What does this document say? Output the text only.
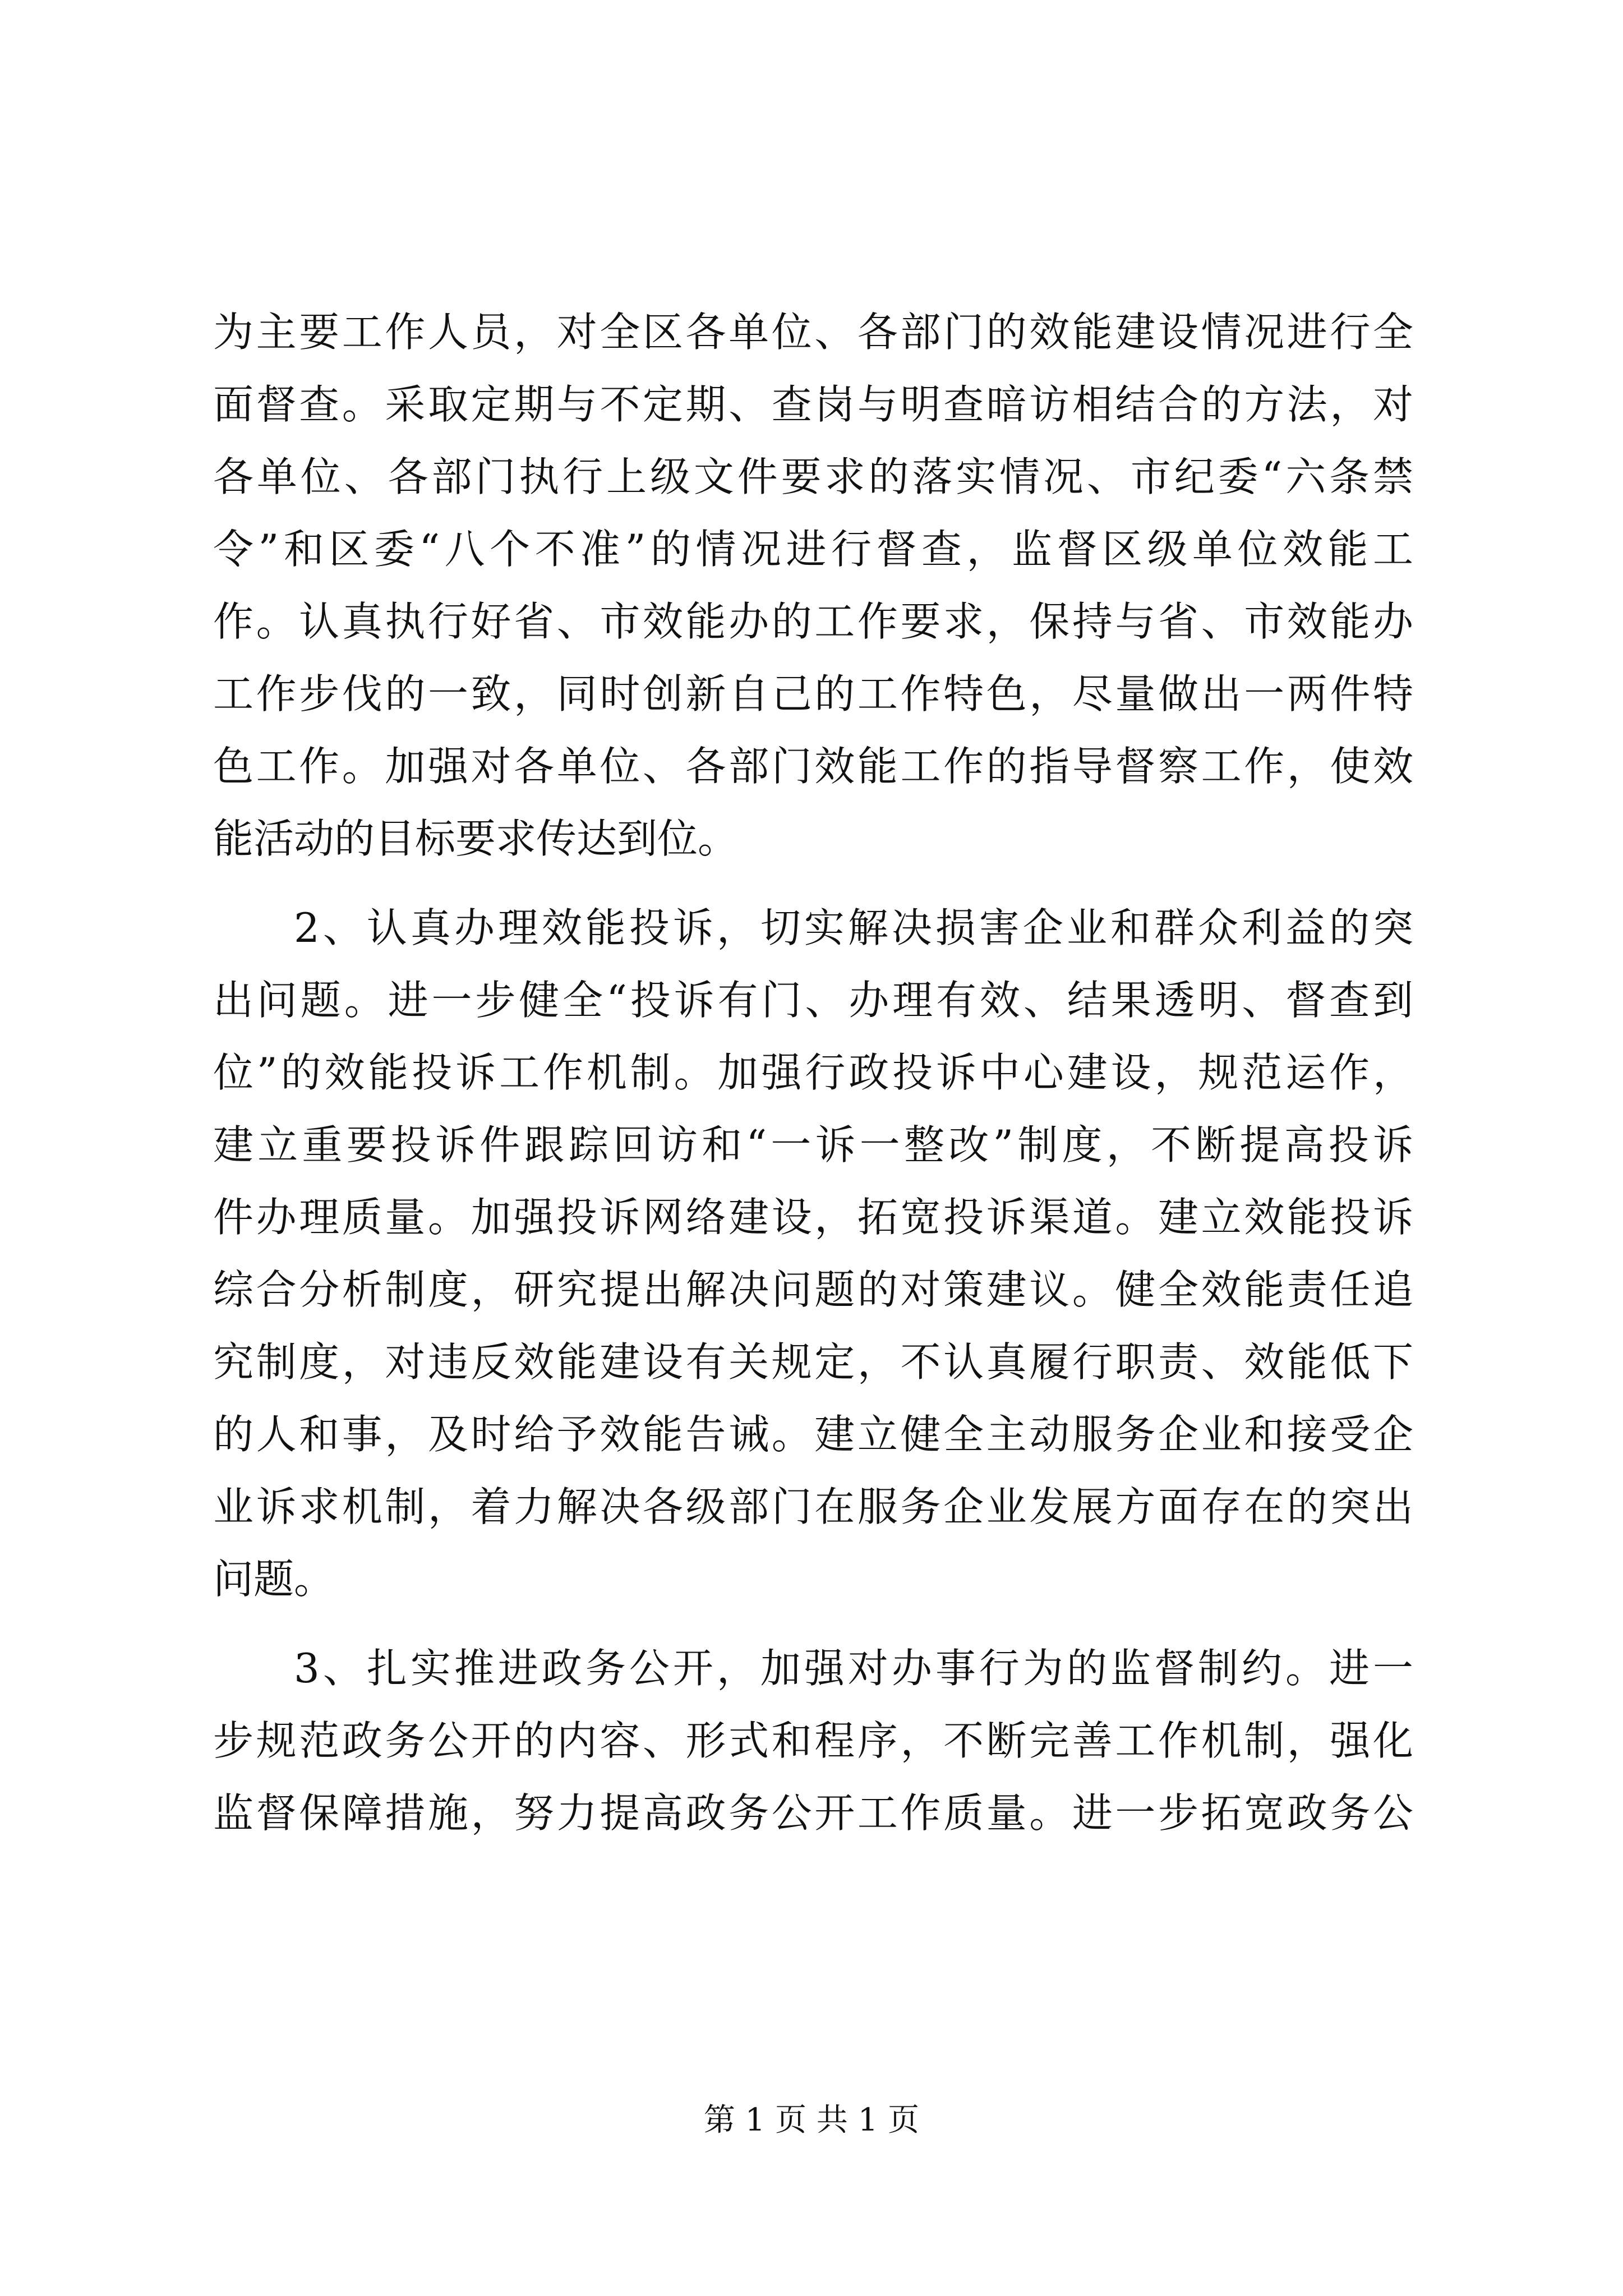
为主要工作人员，对全区各单位、各部门的效能建设情况进行全
面督查。采取定期与不定期、查岗与明查暗访相结合的方法，对
各单位、各部门执行上级文件要求的落实情况、市纪委“六条禁
令”和区委“八个不准”的情况进行督查，监督区级单位效能工
作。认真执行好省、市效能办的工作要求，保持与省、市效能办
工作步伐的一致，同时创新自己的工作特色，尽量做出一两件特
色工作。加强对各单位、各部门效能工作的指导督察工作，使效
能活动的目标要求传达到位。
2、认真办理效能投诉，切实解决损害企业和群众利益的突
出问题。进一步健全“投诉有门、办理有效、结果透明、督查到
位”的效能投诉工作机制。加强行政投诉中心建设，规范运作，
建立重要投诉件跟踪回访和“一诉一整改”制度，不断提高投诉
件办理质量。加强投诉网络建设，拓宽投诉渠道。建立效能投诉
综合分析制度，研究提出解决问题的对策建议。健全效能责任追
究制度，对违反效能建设有关规定，不认真履行职责、效能低下
的人和事，及时给予效能告诫。建立健全主动服务企业和接受企
业诉求机制，着力解决各级部门在服务企业发展方面存在的突出
问题。
3、扎实推进政务公开，加强对办事行为的监督制约。进一
步规范政务公开的内容、形式和程序，不断完善工作机制，强化
监督保障措施，努力提高政务公开工作质量。进一步拓宽政务公
第 1 页 共 1 页
